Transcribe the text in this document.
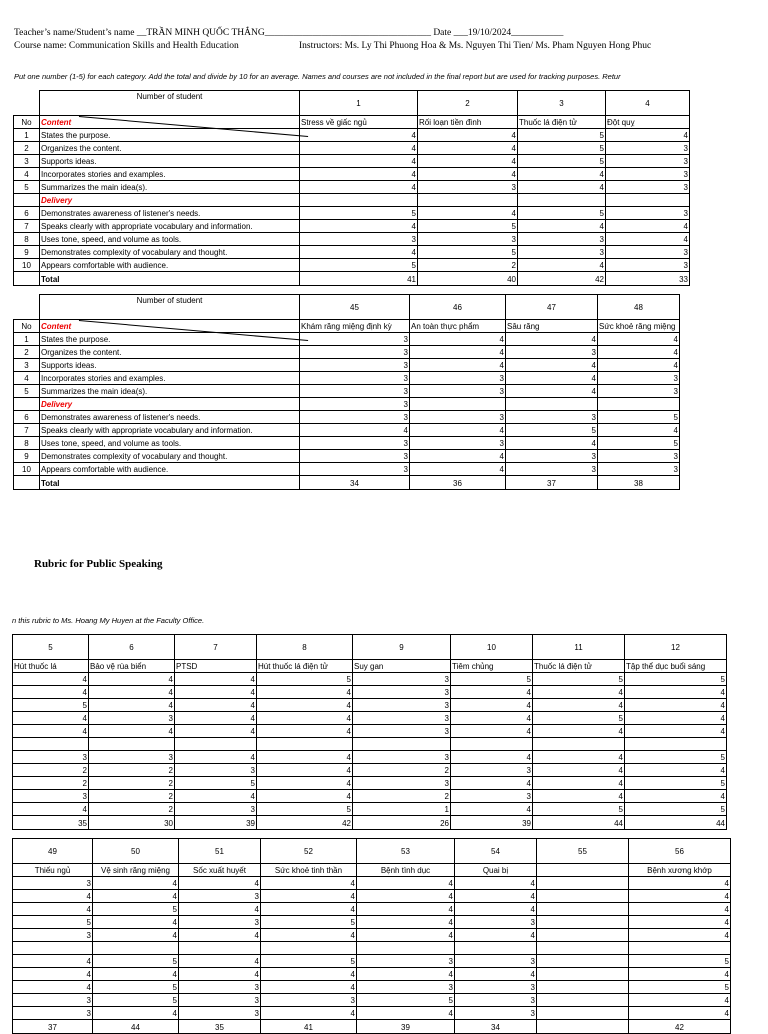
Teacher’s name/Student’s name __TRẦN MINH QUỐC THẮNG___________________________________ Date ___19/10/2024___________
Course name: Communication Skills and Health Education	Instructors: Ms. Ly Thi Phuong Hoa & Ms. Nguyen Thi Tien/ Ms. Pham Nguyen Hong Phuc
Put one number (1-5) for each category. Add the total and divide by 10 for an average. Names and courses are not included in the final report but are used for tracking purposes. Retur
	Number of student	1	2	3	4
No	Content	Stress về giấc ngủ	Rối loạn tiền đình	Thuốc lá điện tử	Đột quỵ
1	States the purpose.	4	4	5	4
2	Organizes the content.	4	4	5	3
3	Supports ideas.	4	4	5	3
4	Incorporates stories and examples.	4	4	4	3
5	Summarizes the main idea(s).	4	3	4	3
	Delivery				
6	Demonstrates awareness of listener's needs.	5	4	5	3
7	Speaks clearly with appropriate vocabulary and information.	4	5	4	4
8	Uses tone, speed, and volume as tools.	3	3	3	4
9	Demonstrates complexity of vocabulary and thought.	4	5	3	3
10	Appears comfortable with audience.	5	2	4	3
	Total	41	40	42	33
	Number of student	45	46	47	48
No	Content	Khám răng miệng định kỳ	An toàn thực phẩm	Sâu răng	Sức khoẻ răng miệng
1	States the purpose.	3	4	4	4
2	Organizes the content.	3	4	3	4
3	Supports ideas.	3	4	4	4
4	Incorporates stories and examples.	3	3	4	3
5	Summarizes the main idea(s).	3	3	4	3
	Delivery	3			
6	Demonstrates awareness of listener's needs.	3	3	3	5
7	Speaks clearly with appropriate vocabulary and information.	4	4	5	4
8	Uses tone, speed, and volume as tools.	3	3	4	5
9	Demonstrates complexity of vocabulary and thought.	3	4	3	3
10	Appears comfortable with audience.	3	4	3	3
	Total	34	36	37	38
Rubric for Public Speaking
n this rubric to Ms. Hoang My Huyen at the Faculty Office.
5	6	7	8	9	10	11	12
Hút thuốc lá	Bảo vệ rùa biển	PTSD	Hút thuốc lá điện tử	Suy gan	Tiêm chủng	Thuốc lá điện tử	Tập thể dục buổi sáng
4	4	4	5	3	5	5	5
4	4	4	4	3	4	4	4
5	4	4	4	3	4	4	4
4	3	4	4	3	4	5	4
4	4	4	4	3	4	4	4

3	3	4	4	3	4	4	5
2	2	3	4	2	3	4	4
2	2	5	4	3	4	4	5
3	2	4	4	2	3	4	4
4	2	3	5	1	4	5	5
35	30	39	42	26	39	44	44
49	50	51	52	53	54	55	56
Thiếu ngủ	Vệ sinh răng miệng	Sốc xuất huyết	Sức khoẻ tinh thần	Bệnh tình dục	Quai bị		Bệnh xương khớp
3	4	4	4	4	4		4
4	4	3	4	4	4		4
4	5	4	4	4	4		4
5	4	3	5	4	3		4
3	4	4	4	4	4		4

4	5	4	5	3	3		5
4	4	4	4	4	4		4
4	5	3	4	3	3		5
3	5	3	3	5	3		4
3	4	3	4	4	3		4
37	44	35	41	39	34		42
